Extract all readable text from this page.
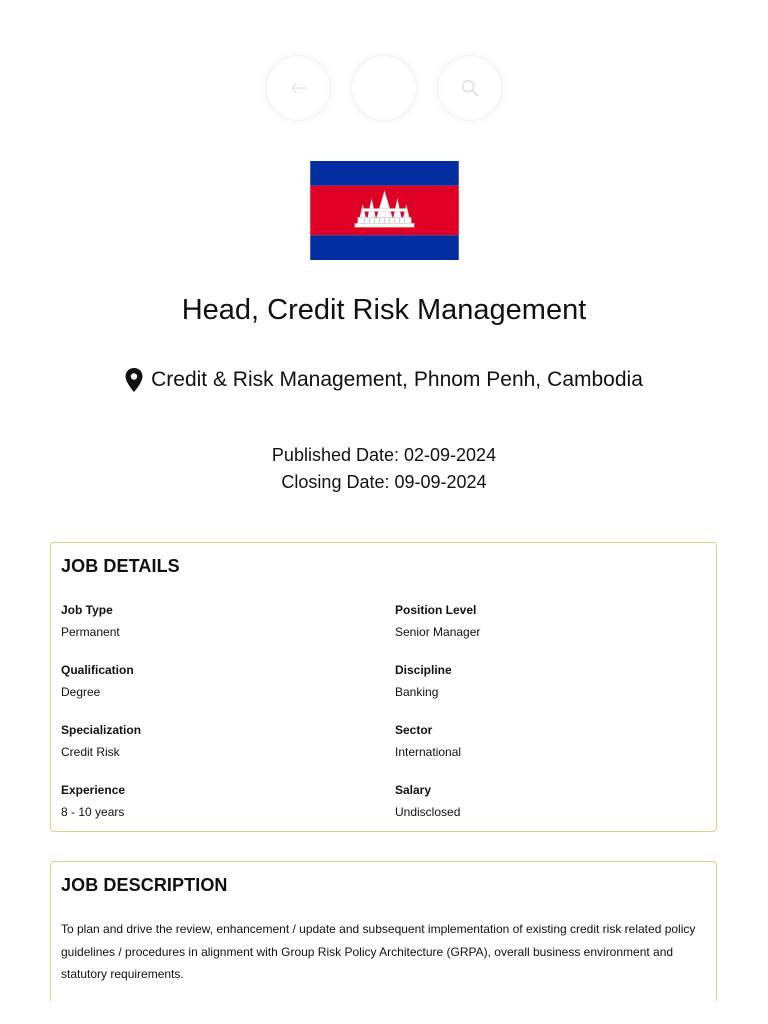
Head, Credit Risk Management
Credit & Risk Management, Phnom Penh, Cambodia
Published Date: 02-09-2024
Closing Date: 09-09-2024
JOB DETAILS
Job Type
Permanent
Position Level
Senior Manager
Qualification
Degree
Discipline
Banking
Specialization
Credit Risk
Sector
International
Experience
8 - 10 years
Salary
Undisclosed
JOB DESCRIPTION
To plan and drive the review, enhancement / update and subsequent implementation of existing credit risk related policy guidelines / procedures in alignment with Group Risk Policy Architecture (GRPA), overall business environment and statutory requirements.
